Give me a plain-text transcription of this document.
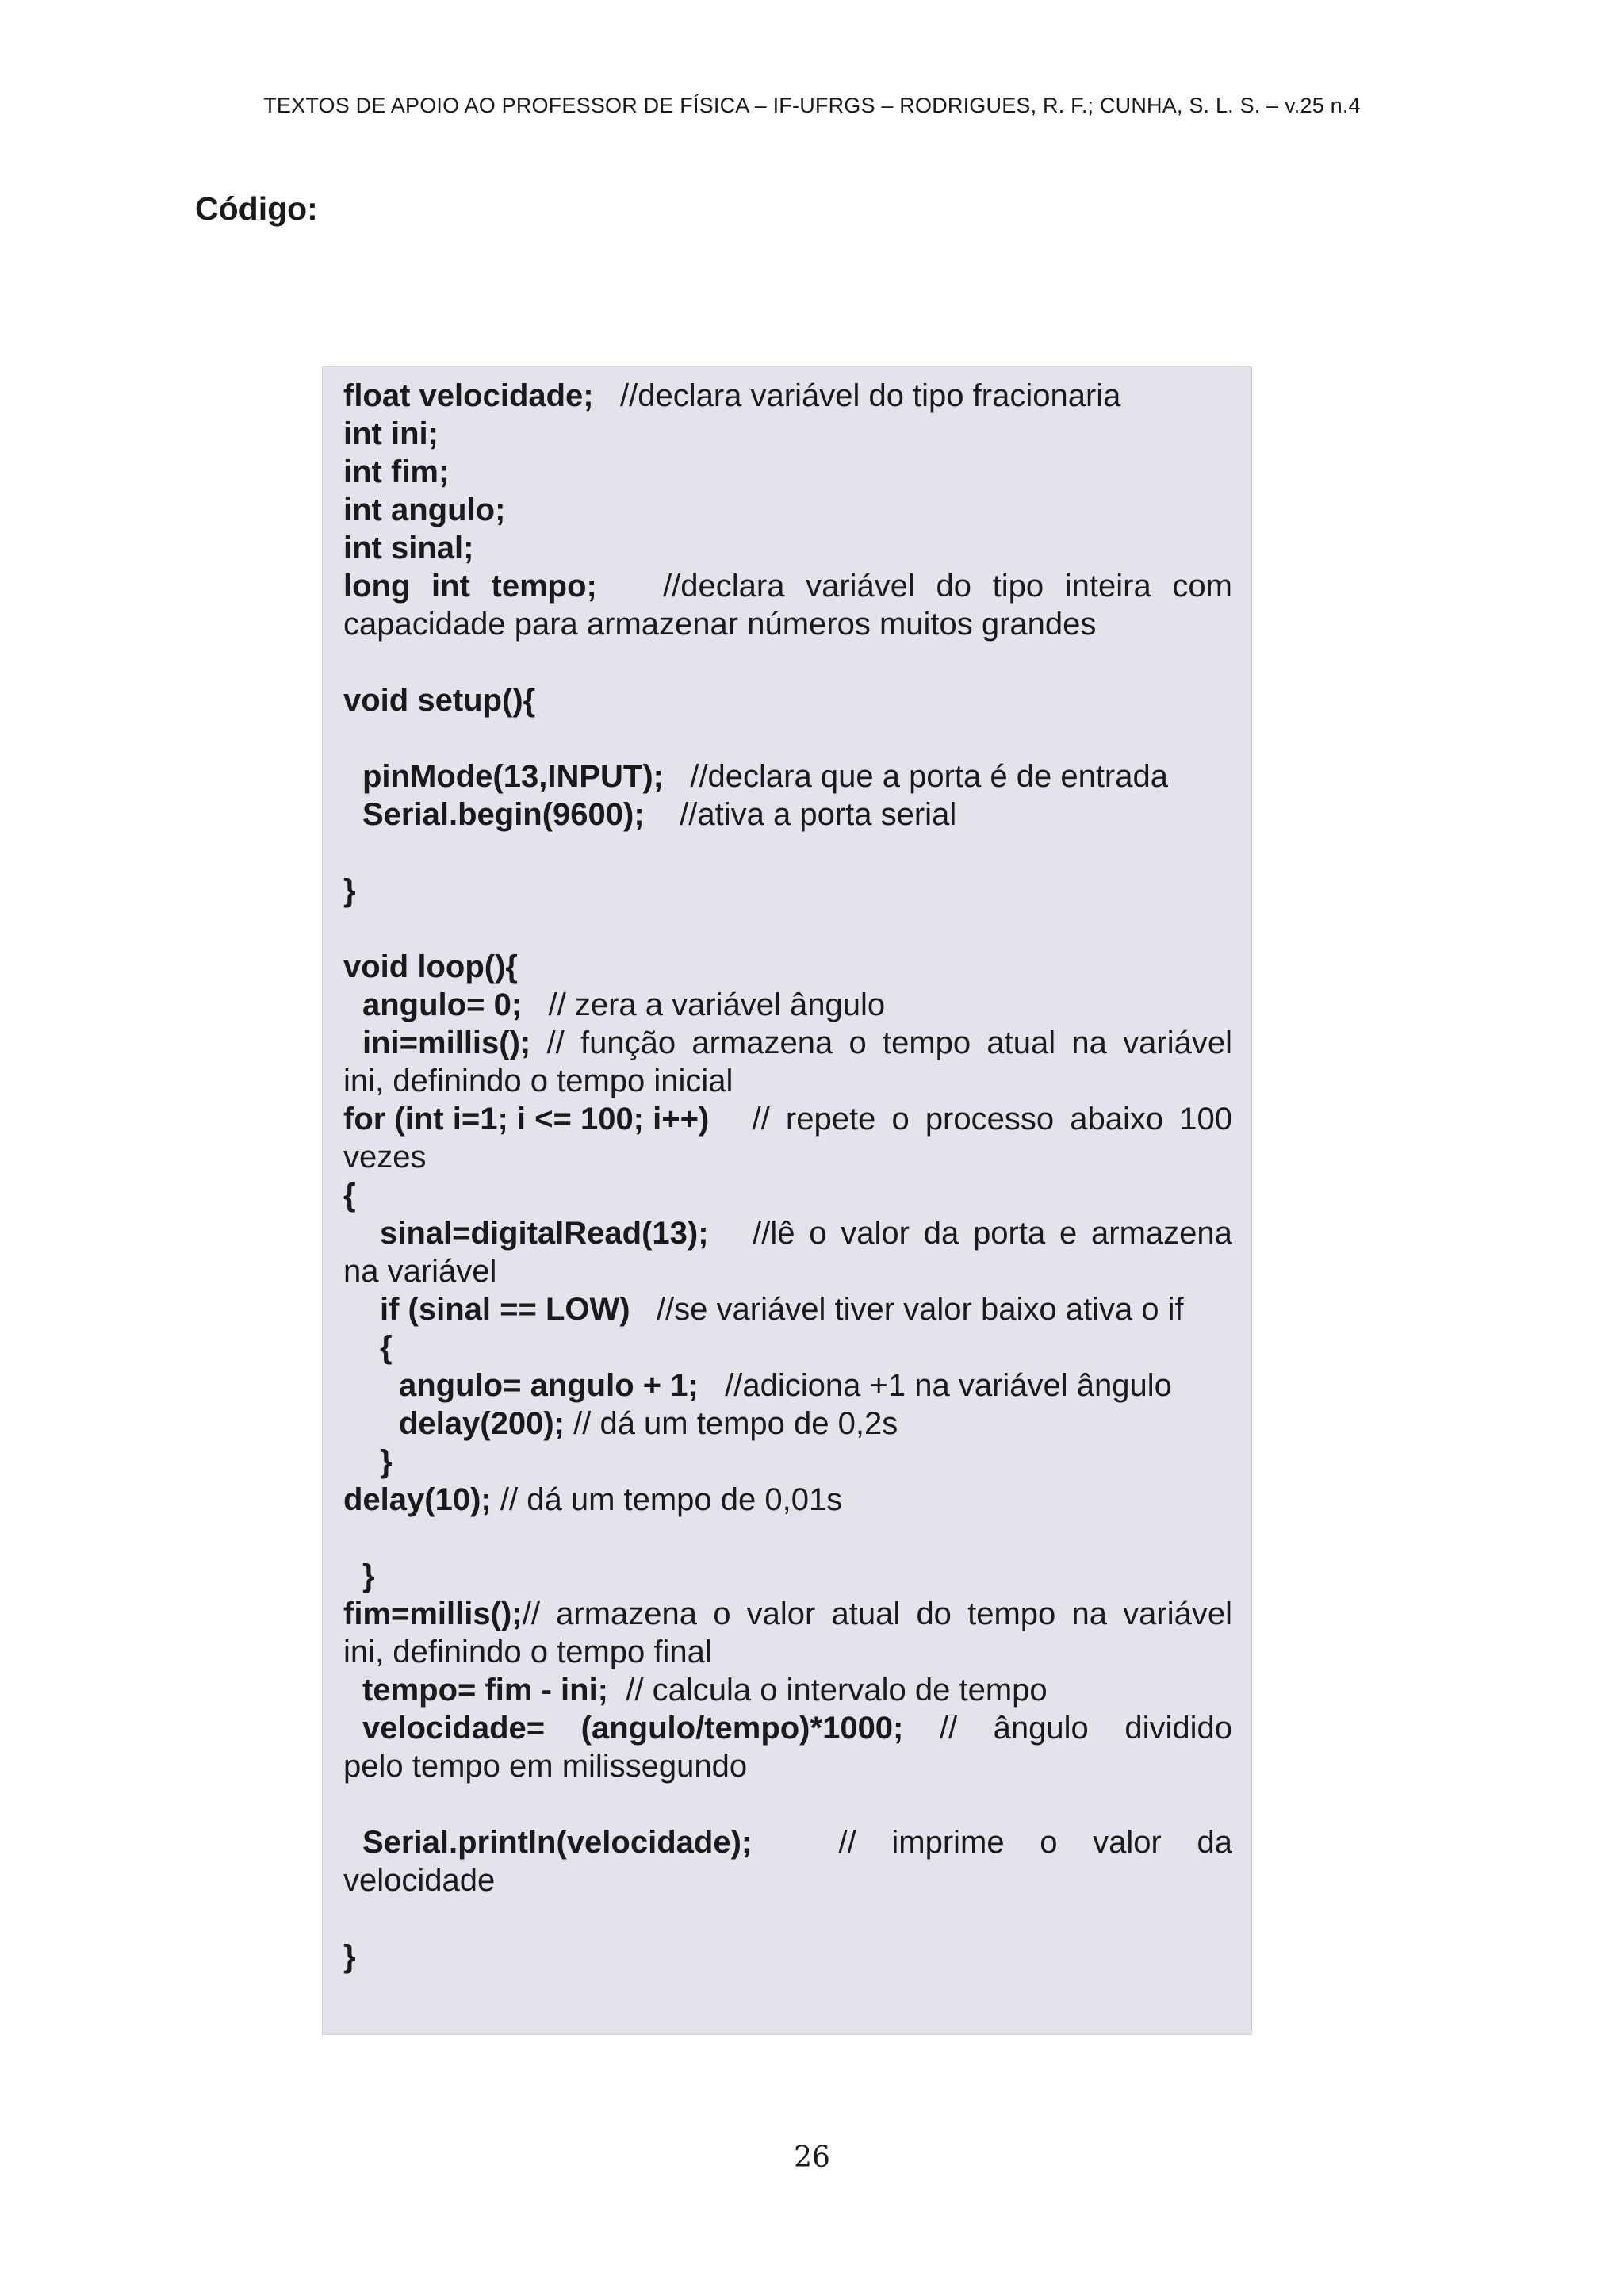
TEXTOS DE APOIO AO PROFESSOR DE FÍSICA – IF-UFRGS – RODRIGUES, R. F.; CUNHA, S. L. S. – v.25 n.4
Código:
float velocidade; //declara variável do tipo fracionaria
int ini;
int fim;
int angulo;
int sinal;
long int tempo; //declara variável do tipo inteira com
capacidade para armazenar números muitos grandes
void setup(){
pinMode(13,INPUT); //declara que a porta é de entrada
Serial.begin(9600); //ativa a porta serial
}
void loop(){
angulo= 0; // zera a variável ângulo
ini=millis(); // função armazena o tempo atual na variável
ini, definindo o tempo inicial
for (int i=1; i <= 100; i++) // repete o processo abaixo 100
vezes
{
sinal=digitalRead(13); //lê o valor da porta e armazena
na variável
if (sinal == LOW) //se variável tiver valor baixo ativa o if
{
angulo= angulo + 1; //adiciona +1 na variável ângulo
delay(200); // dá um tempo de 0,2s
}
delay(10); // dá um tempo de 0,01s
}
fim=millis(); // armazena o valor atual do tempo na variável
ini, definindo o tempo final
tempo= fim - ini; // calcula o intervalo de tempo
velocidade= (angulo/tempo)*1000; // ângulo dividido
pelo tempo em milissegundo
Serial.println(velocidade);	// imprime o valor da
velocidade
}
26
